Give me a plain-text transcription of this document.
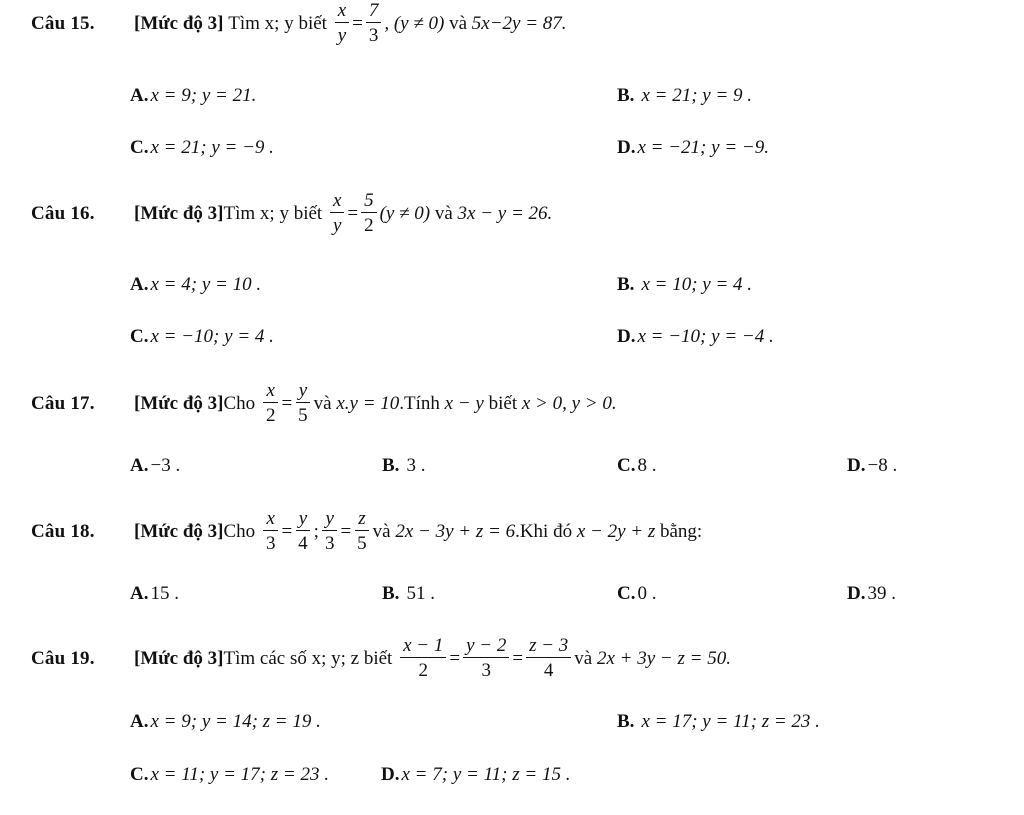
Câu 15. [Mức độ 3]
Tìm x; y biết
$\frac{x}{y} = \frac{7}{3}$ , (y ≠ 0)
và
5x−2y = 87.
A. x = 9; y = 21.	B. x = 21; y = 9 .
C. x = 21; y = −9 .	D. x = −21; y = −9.
Câu 16. [Mức độ 3] Tìm x; y biết
$\frac{x}{y} = \frac{5}{2} (y \ne 0)$
và
3x − y = 26.
A. x = 4; y = 10 .	B. x = 10; y = 4 .
C. x = −10; y = 4 .	D. x = −10; y = −4 .
Câu 17. [Mức độ 3] Cho
$\frac{x}{2} = \frac{y}{5}$ và
x.y = 10 .Tính
x − y
biết
x > 0, y > 0.
A. −3 .	B. 3 .	C. 8 .	D. −8 .
Câu 18. [Mức độ 3] Cho
$\frac{x}{3} = \frac{y}{4}$ ; $\frac{y}{3} = \frac{z}{5}$ và
2x − 3y + z = 6 .Khi đó
x − 2y + z
bằng:
A. 15 .	B. 51 .	C. 0 .	D. 39 .
Câu 19. [Mức độ 3] Tìm các số x; y; z biết
$\frac{x - 1}{2} = \frac{y - 2}{3} = \frac{z - 3}{4}$ và
2x + 3y − z = 50.
A. x = 9; y = 14; z = 19 .	B. x = 17; y = 11; z = 23 .
C. x = 11; y = 17; z = 23 .	D. x = 7; y = 11; z = 15 .
